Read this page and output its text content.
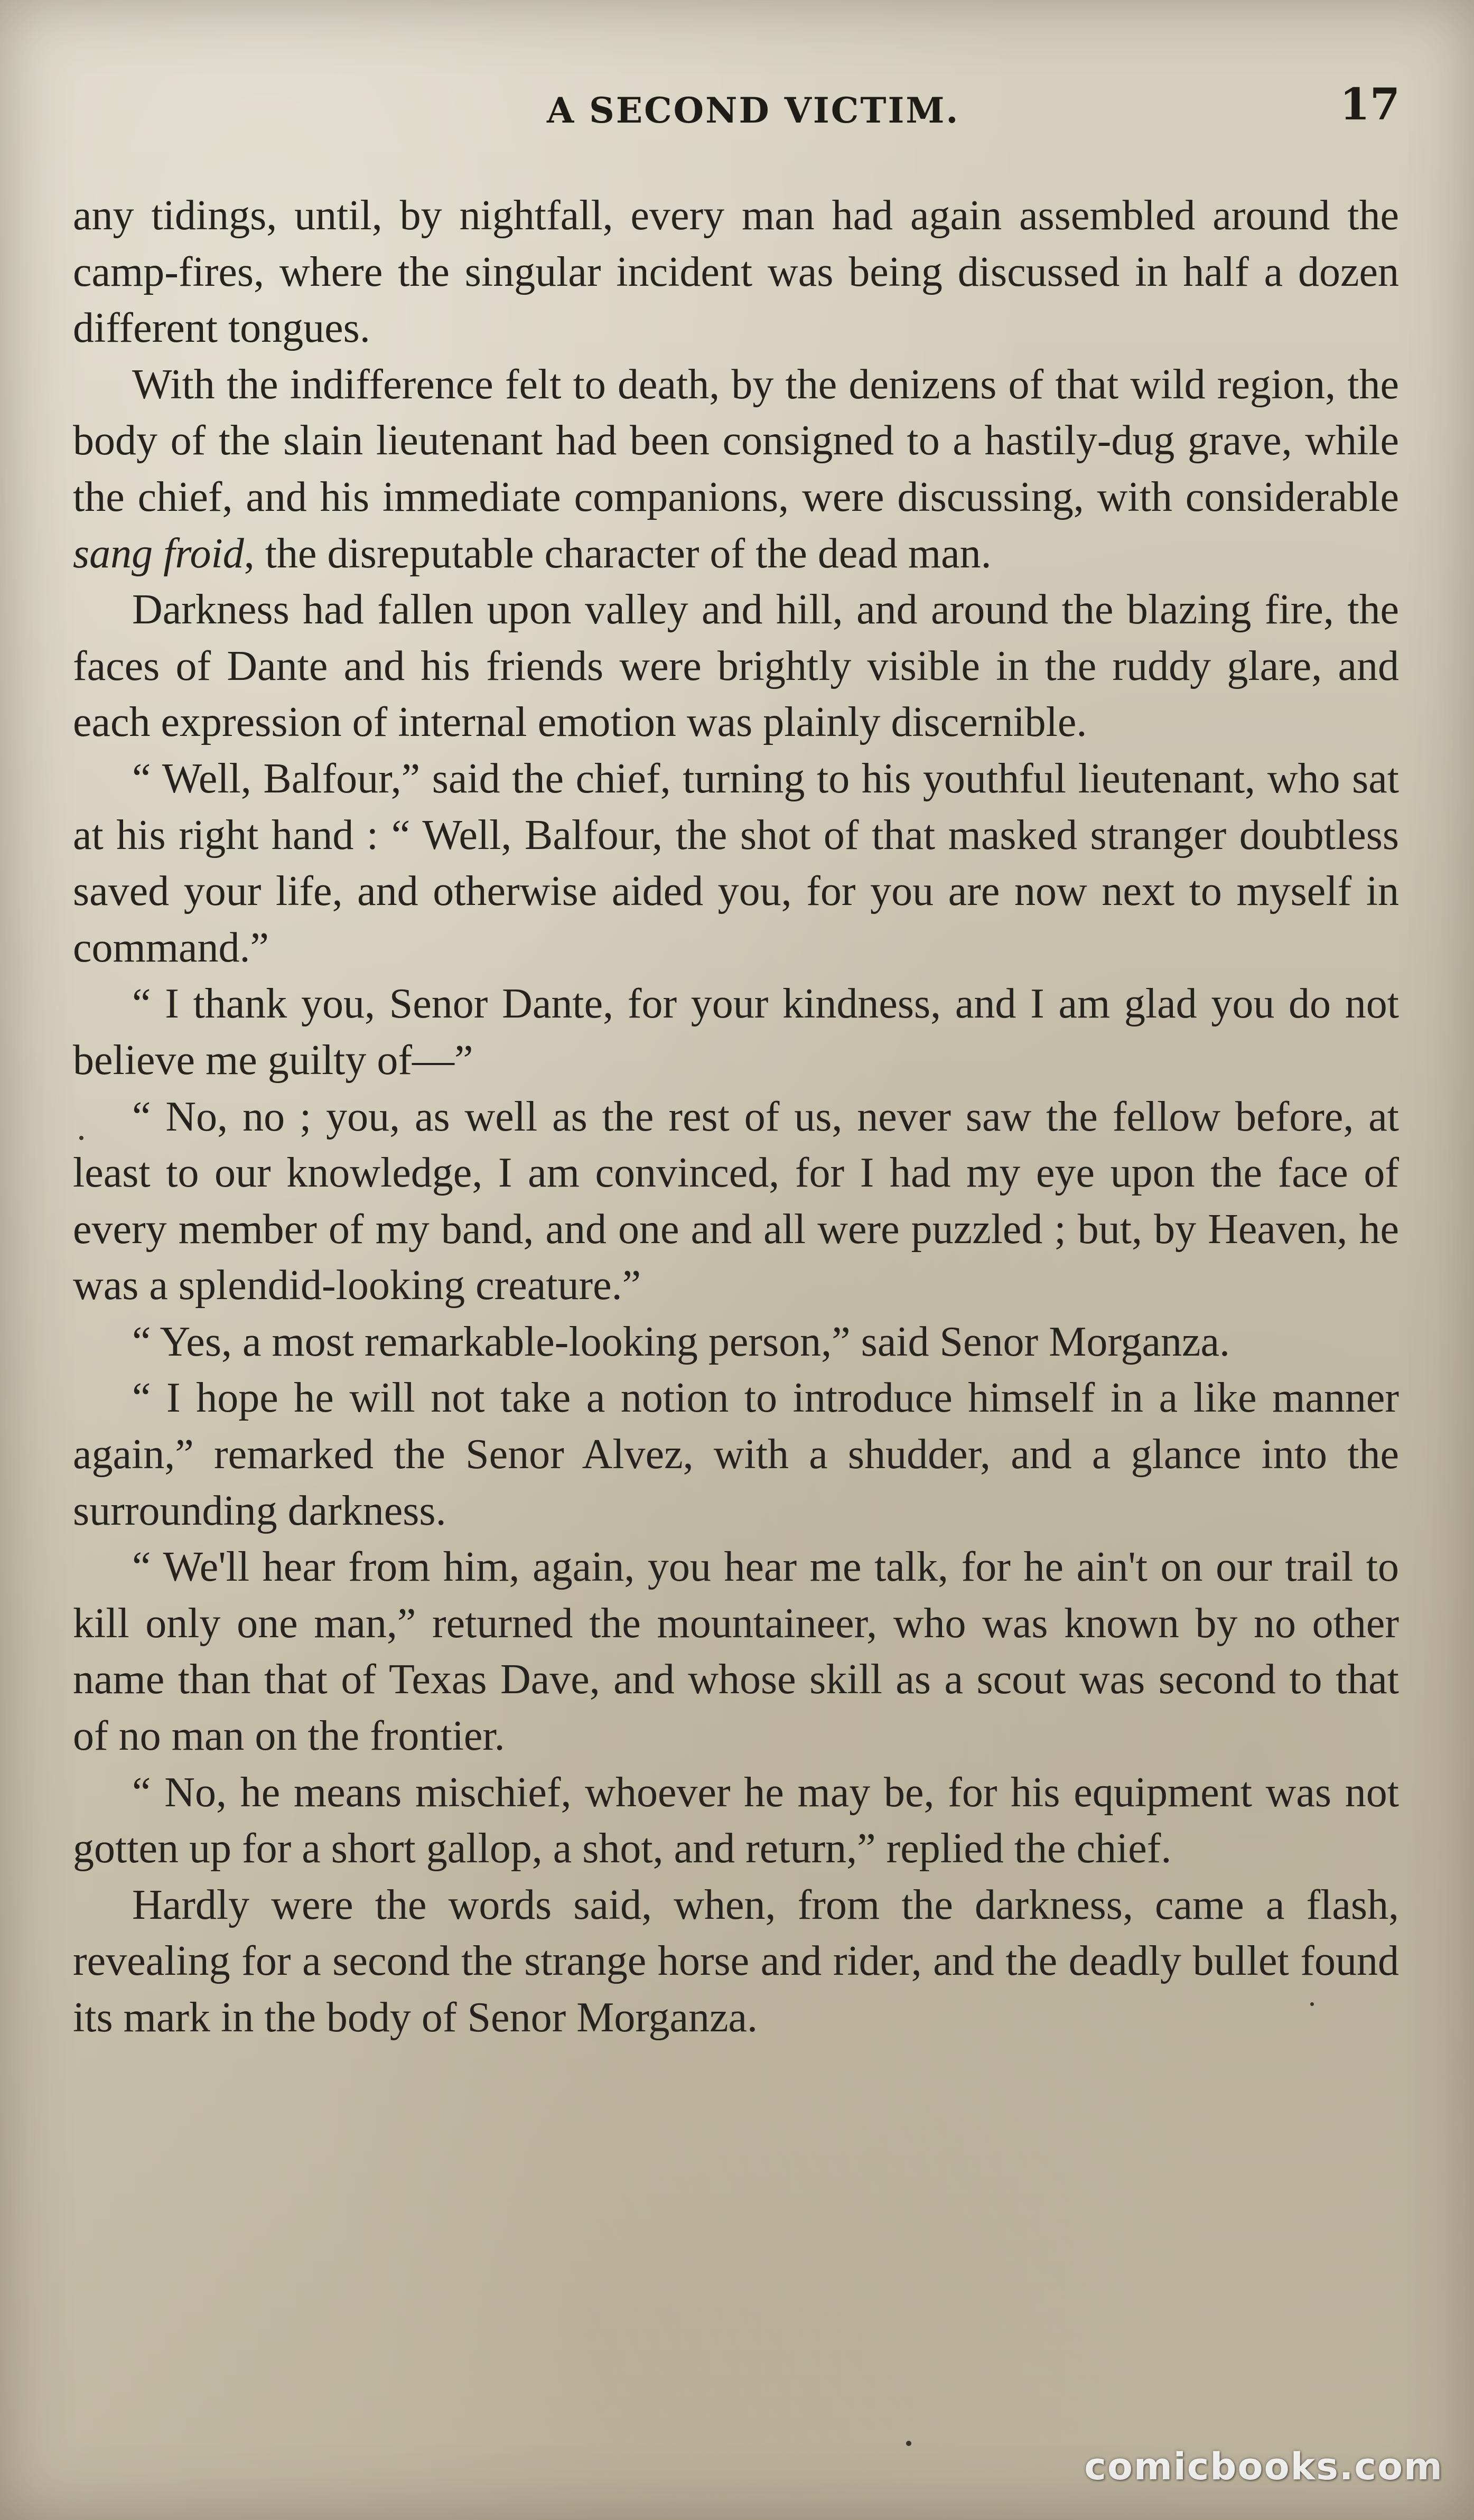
A SECOND VICTIM.	17

any tidings, until, by nightfall, every man had again assembled around the camp-fires, where the singular incident was being discussed in half a dozen different tongues.

With the indifference felt to death, by the denizens of that wild region, the body of the slain lieutenant had been consigned to a hastily-dug grave, while the chief, and his immediate companions, were discussing, with considerable sang froid, the disreputable character of the dead man.

Darkness had fallen upon valley and hill, and around the blazing fire, the faces of Dante and his friends were brightly visible in the ruddy glare, and each expression of internal emotion was plainly discernible.

“ Well, Balfour,” said the chief, turning to his youthful lieutenant, who sat at his right hand : “ Well, Balfour, the shot of that masked stranger doubtless saved your life, and otherwise aided you, for you are now next to myself in command.”

“ I thank you, Senor Dante, for your kindness, and I am glad you do not believe me guilty of—”

“ No, no ; you, as well as the rest of us, never saw the fellow before, at least to our knowledge, I am convinced, for I had my eye upon the face of every member of my band, and one and all were puzzled ; but, by Heaven, he was a splendid-looking creature.”

“ Yes, a most remarkable-looking person,” said Senor Morganza.

“ I hope he will not take a notion to introduce himself in a like manner again,” remarked the Senor Alvez, with a shudder, and a glance into the surrounding darkness.

“ We'll hear from him, again, you hear me talk, for he ain't on our trail to kill only one man,” returned the mountaineer, who was known by no other name than that of Texas Dave, and whose skill as a scout was second to that of no man on the frontier.

“ No, he means mischief, whoever he may be, for his equipment was not gotten up for a short gallop, a shot, and return,” replied the chief.

Hardly were the words said, when, from the darkness, came a flash, revealing for a second the strange horse and rider, and the deadly bullet found its mark in the body of Senor Morganza.

comicbooks.com
